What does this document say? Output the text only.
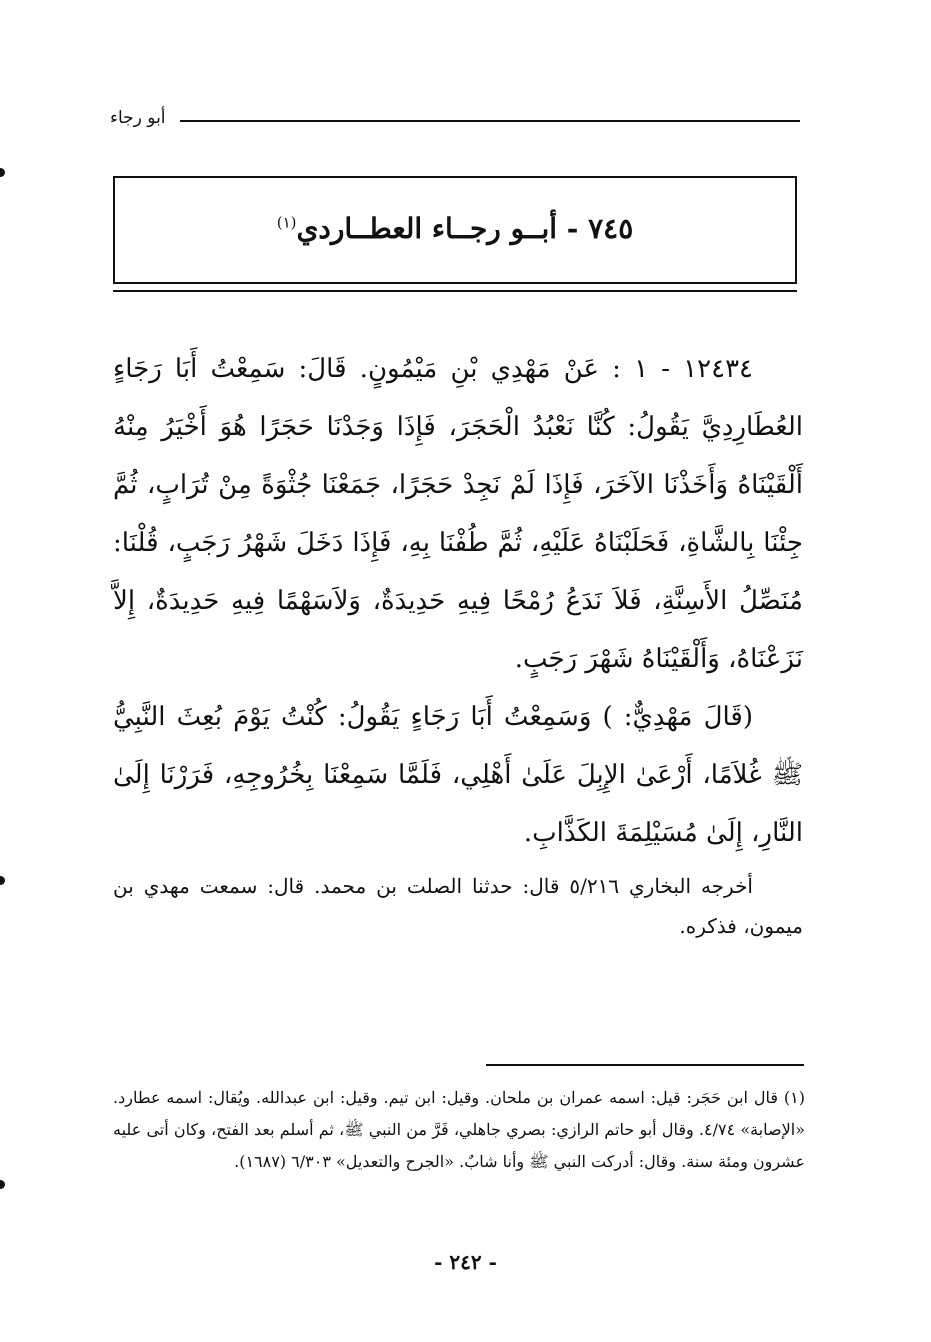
أبو رجاء
٧٤٥ - أبــو رجــاء العطــاردي$^{(١)}$

١٢٤٣٤ - ١ : عَنْ مَهْدِي بْنِ مَيْمُونٍ. قَالَ: سَمِعْتُ أَبَا رَجَاءٍ العُطَارِدِيَّ يَقُولُ: كُنَّا نَعْبُدُ الْحَجَرَ، فَإِذَا وَجَدْنَا حَجَرًا هُوَ أَخْيَرُ مِنْهُ أَلْقَيْنَاهُ وَأَخَذْنَا الآخَرَ، فَإِذَا لَمْ نَجِدْ حَجَرًا، جَمَعْنَا جُثْوَةً مِنْ تُرَابٍ، ثُمَّ جِئْنَا بِالشَّاةِ، فَحَلَبْنَاهُ عَلَيْهِ، ثُمَّ طُفْنَا بِهِ، فَإِذَا دَخَلَ شَهْرُ رَجَبٍ، قُلْنَا: مُنَصِّلُ الأَسِنَّةِ، فَلاَ نَدَعُ رُمْحًا فِيهِ حَدِيدَةٌ، وَلاَسَهْمًا فِيهِ حَدِيدَةٌ، إِلاَّ نَزَعْنَاهُ، وَأَلْقَيْنَاهُ شَهْرَ رَجَبٍ.

(قَالَ مَهْدِيٌّ: ) وَسَمِعْتُ أَبَا رَجَاءٍ يَقُولُ: كُنْتُ يَوْمَ بُعِثَ النَّبِيُّ ﷺ غُلاَمًا، أَرْعَىٰ الإِبِلَ عَلَىٰ أَهْلِي، فَلَمَّا سَمِعْنَا بِخُرُوجِهِ، فَرَرْنَا إِلَىٰ النَّارِ، إِلَىٰ مُسَيْلِمَةَ الكَذَّابِ.

أخرجه البخاري ٥/٢١٦ قال: حدثنا الصلت بن محمد. قال: سمعت مهدي بن ميمون، فذكره.
(١) قال ابن حَجَر: قيل: اسمه عمران بن ملحان. وقيل: ابن تيم. وقيل: ابن عبدالله. ويُقال: اسمه عطارد. «الإصابة» ٤/٧٤. وقال أبو حاتم الرازي: بصري جاهلي، فَرَّ من النبي ﷺ، ثم أسلم بعد الفتح، وكان أتى عليه عشرون ومئة سنة. وقال: أدركت النبي ﷺ وأنا شابٌ. «الجرح والتعديل» ٦/٣٠٣ (١٦٨٧).
- ٢٤٢ -
